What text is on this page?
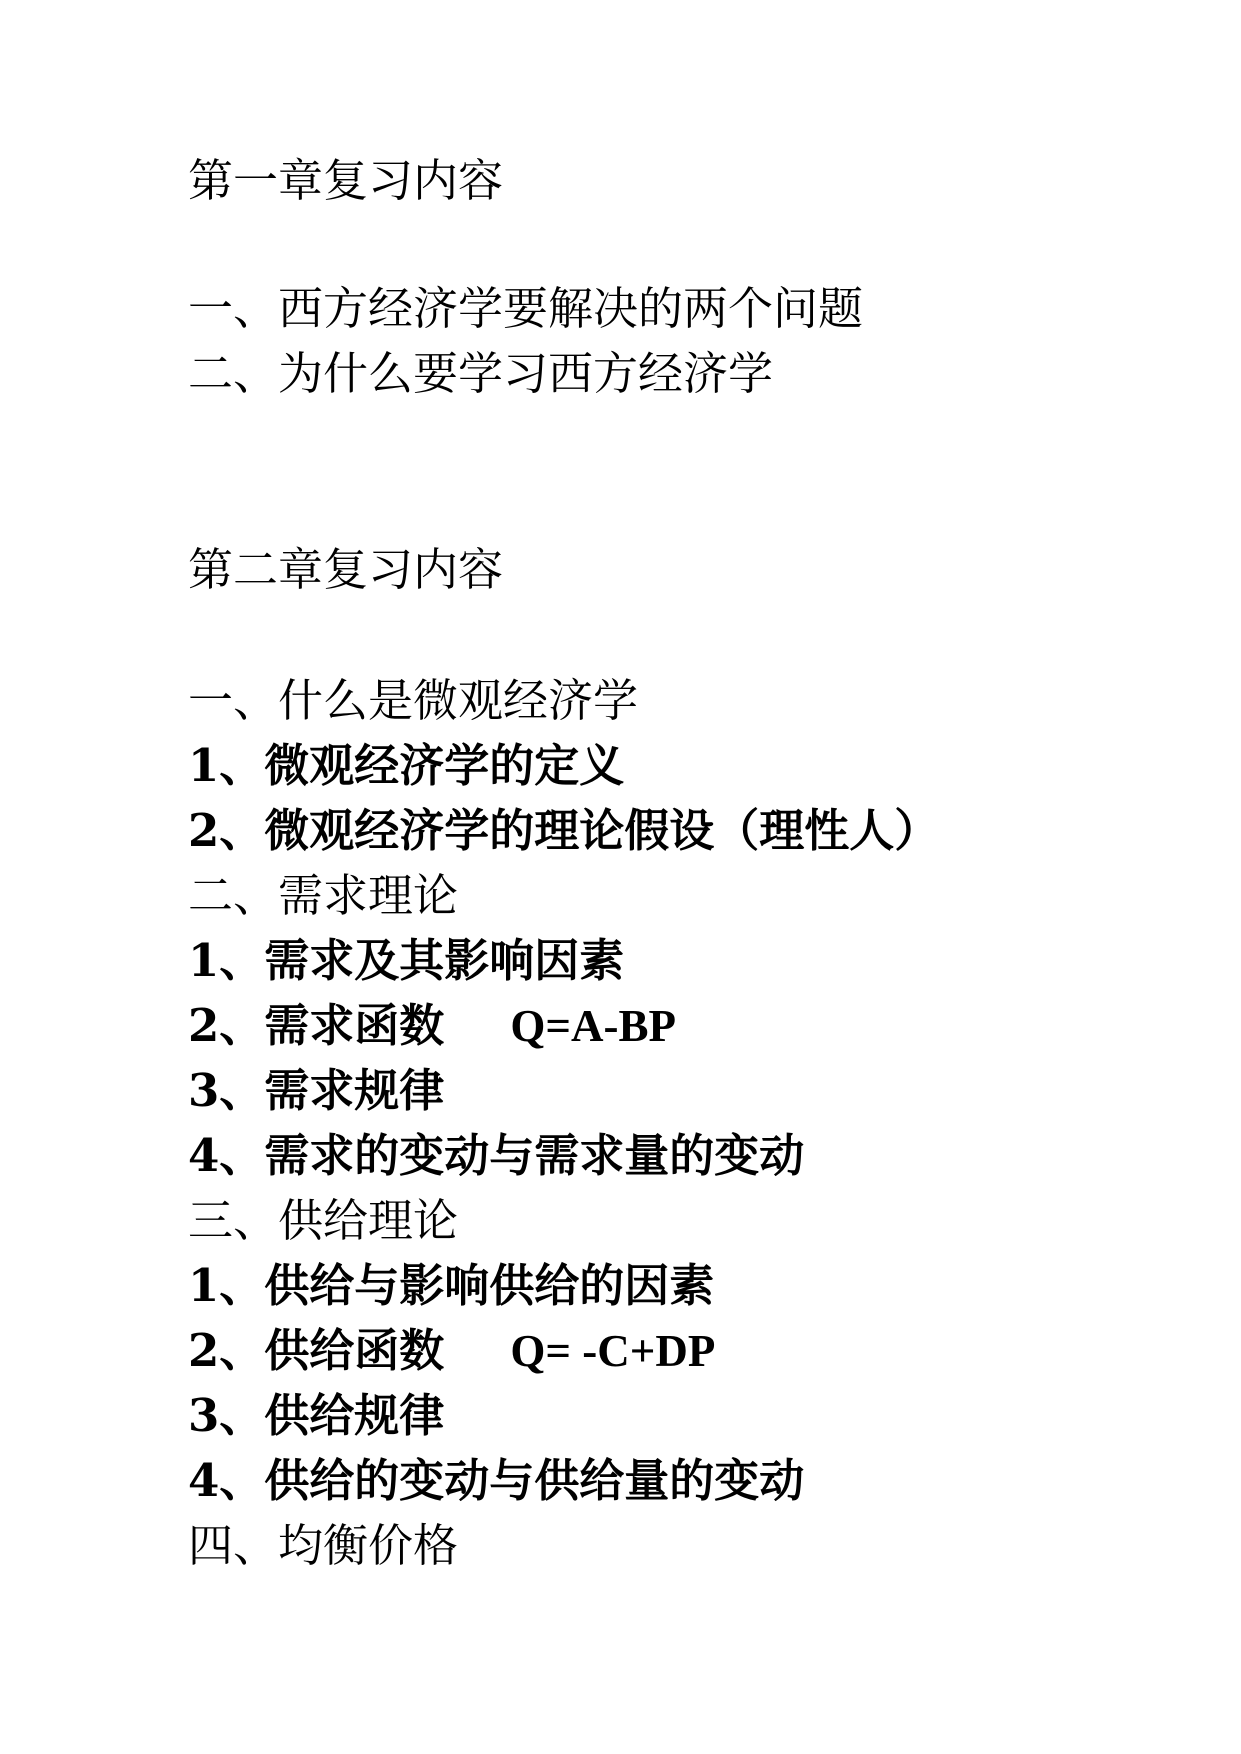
第一章复习内容
一、西方经济学要解决的两个问题
二、为什么要学习西方经济学
第二章复习内容
一、什么是微观经济学
1、微观经济学的定义
2、微观经济学的理论假设（理性人）
二、需求理论
1、需求及其影响因素
2、需求函数 Q=A-BP
3、需求规律
4、需求的变动与需求量的变动
三、供给理论
1、供给与影响供给的因素
2、供给函数 Q= -C+DP
3、供给规律
4、供给的变动与供给量的变动
四、均衡价格
